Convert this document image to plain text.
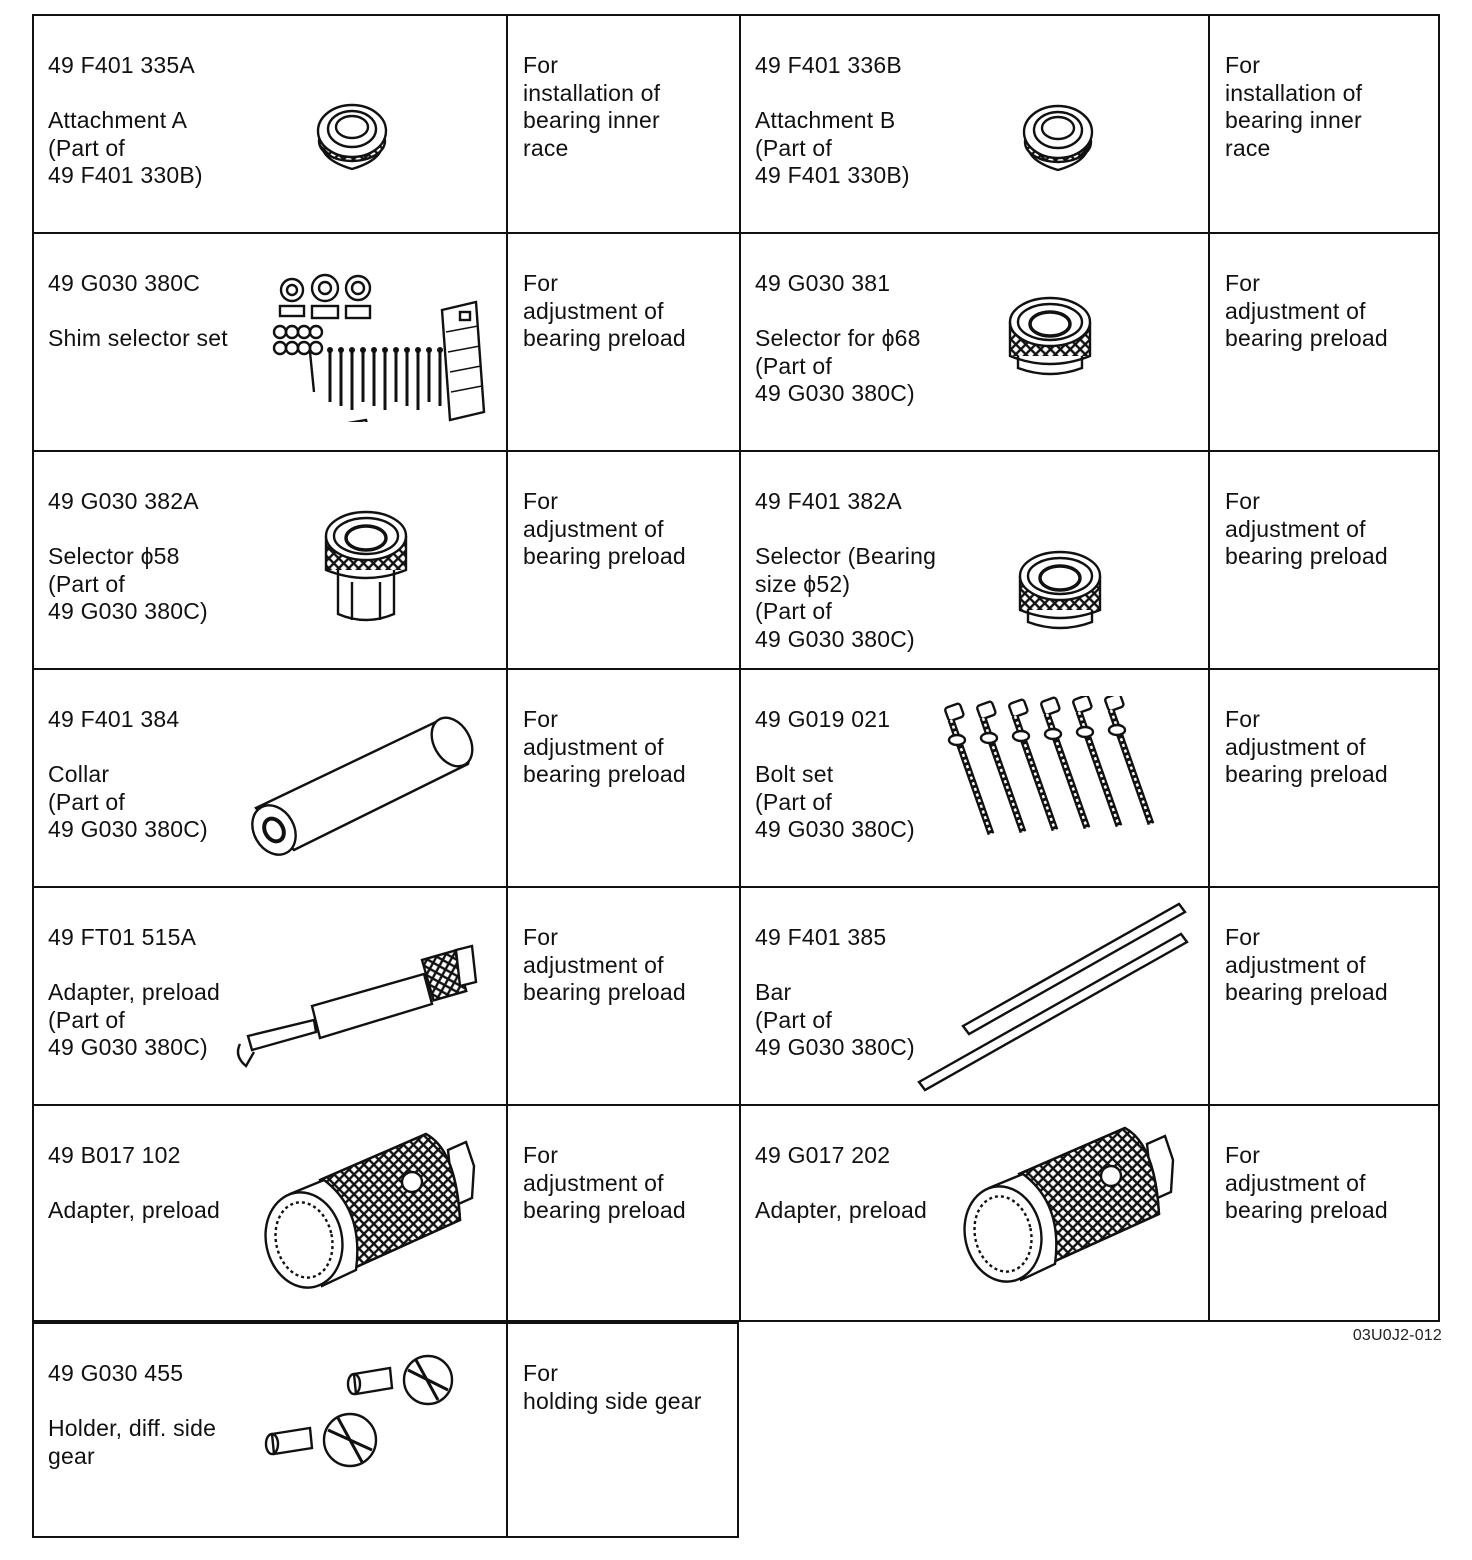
49 F401 335A
Attachment A
(Part of
49 F401 330B)
For
installation of
bearing inner
race
49 F401 336B
Attachment B
(Part of
49 F401 330B)
For
installation of
bearing inner
race
49 G030 380C
Shim selector set
For
adjustment of
bearing preload
49 G030 381
Selector for ϕ68
(Part of
49 G030 380C)
For
adjustment of
bearing preload
49 G030 382A
Selector ϕ58
(Part of
49 G030 380C)
For
adjustment of
bearing preload
49 F401 382A
Selector (Bearing
size ϕ52)
(Part of
49 G030 380C)
For
adjustment of
bearing preload
49 F401 384
Collar
(Part of
49 G030 380C)
For
adjustment of
bearing preload
49 G019 021
Bolt set
(Part of
49 G030 380C)
For
adjustment of
bearing preload
49 FT01 515A
Adapter, preload
(Part of
49 G030 380C)
For
adjustment of
bearing preload
49 F401 385
Bar
(Part of
49 G030 380C)
For
adjustment of
bearing preload
49 B017 102
Adapter, preload
For
adjustment of
bearing preload
49 G017 202
Adapter, preload
For
adjustment of
bearing preload
49 G030 455
Holder, diff. side
gear
For
holding side gear
03U0J2-012
